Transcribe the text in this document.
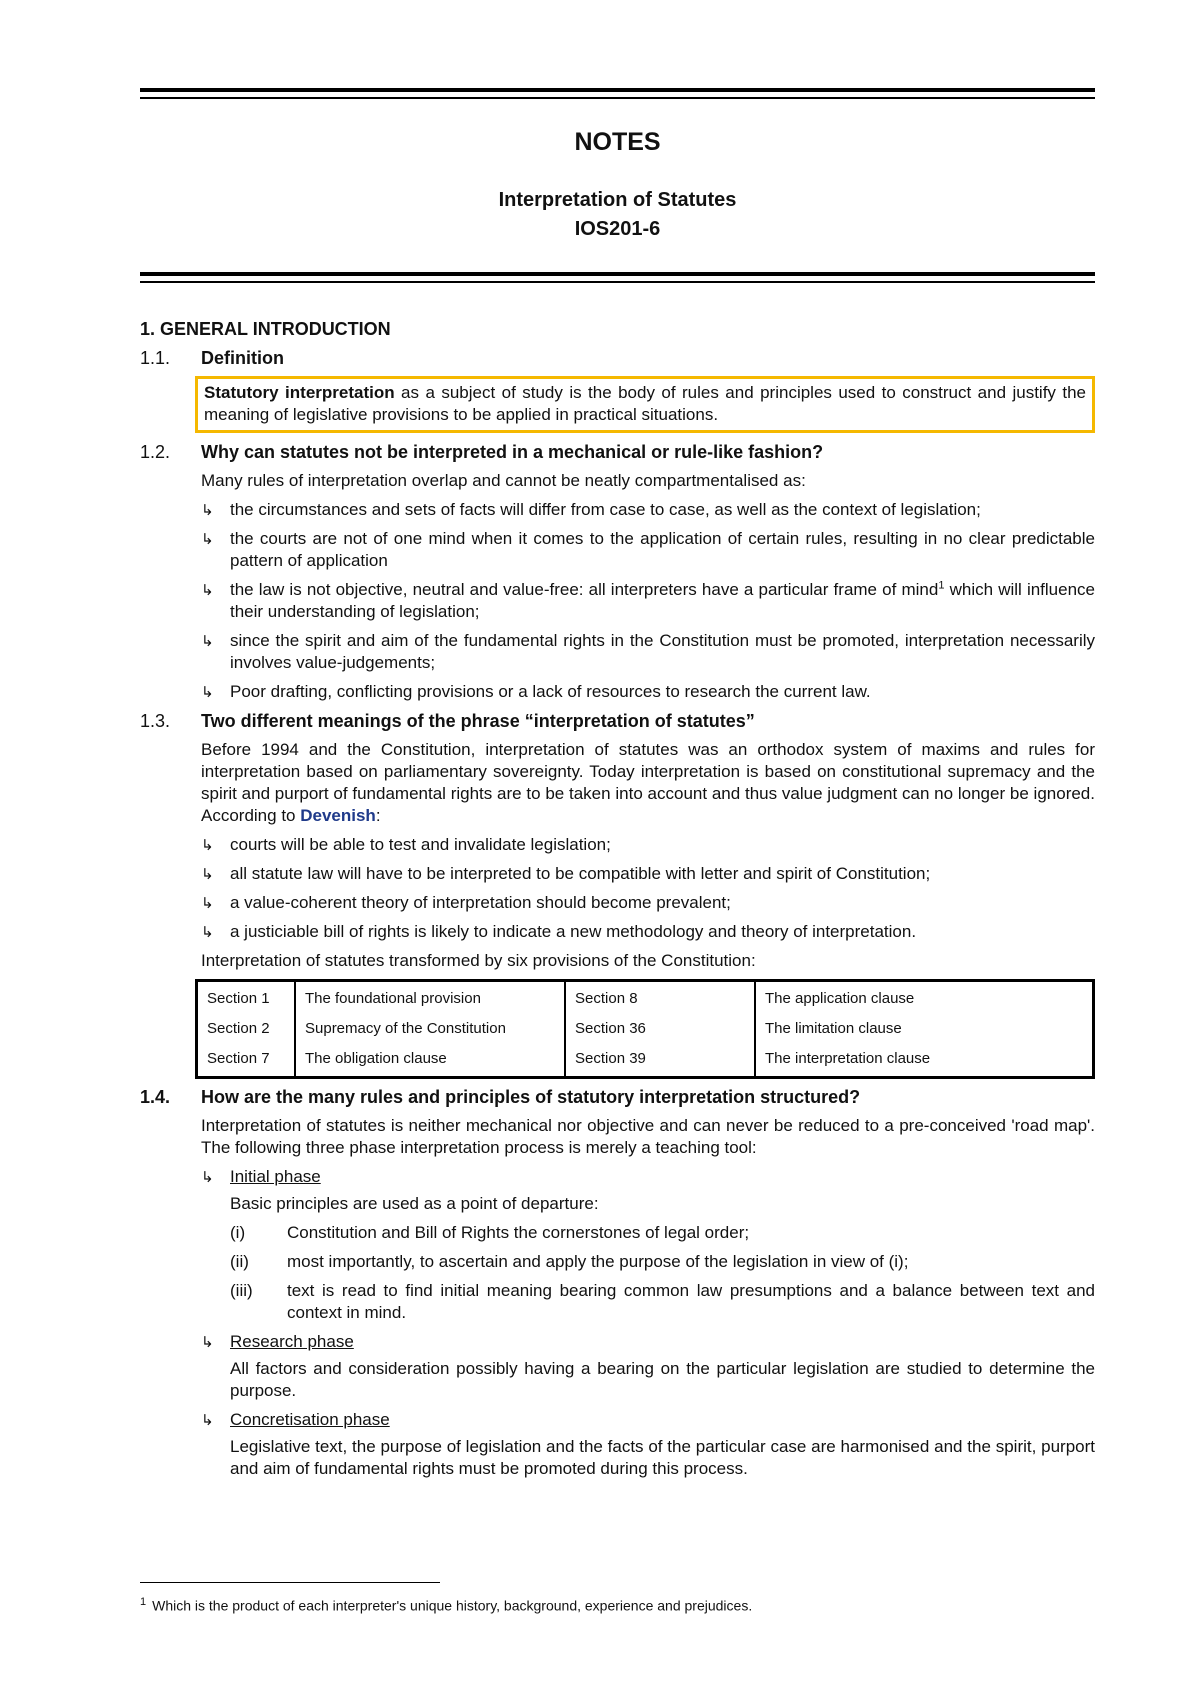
NOTES
Interpretation of Statutes
IOS201-6
1. GENERAL INTRODUCTION
1.1.	Definition
Statutory interpretation as a subject of study is the body of rules and principles used to construct and justify the meaning of legislative provisions to be applied in practical situations.
1.2.	Why can statutes not be interpreted in a mechanical or rule-like fashion?
Many rules of interpretation overlap and cannot be neatly compartmentalised as:
↳ the circumstances and sets of facts will differ from case to case, as well as the context of legislation;
↳ the courts are not of one mind when it comes to the application of certain rules, resulting in no clear predictable pattern of application
↳ the law is not objective, neutral and value-free: all interpreters have a particular frame of mind$^1$ which will influence their understanding of legislation;
↳ since the spirit and aim of the fundamental rights in the Constitution must be promoted, interpretation necessarily involves value-judgements;
↳ Poor drafting, conflicting provisions or a lack of resources to research the current law.
1.3.	Two different meanings of the phrase “interpretation of statutes”
Before 1994 and the Constitution, interpretation of statutes was an orthodox system of maxims and rules for interpretation based on parliamentary sovereignty. Today interpretation is based on constitutional supremacy and the spirit and purport of fundamental rights are to be taken into account and thus value judgment can no longer be ignored. According to Devenish:
↳ courts will be able to test and invalidate legislation;
↳ all statute law will have to be interpreted to be compatible with letter and spirit of Constitution;
↳ a value-coherent theory of interpretation should become prevalent;
↳ a justiciable bill of rights is likely to indicate a new methodology and theory of interpretation.
Interpretation of statutes transformed by six provisions of the Constitution:
Section 1	The foundational provision	Section 8	The application clause
Section 2	Supremacy of the Constitution	Section 36	The limitation clause
Section 7	The obligation clause	Section 39	The interpretation clause
1.4.	How are the many rules and principles of statutory interpretation structured?
Interpretation of statutes is neither mechanical nor objective and can never be reduced to a pre-conceived 'road map'. The following three phase interpretation process is merely a teaching tool:
↳ Initial phase
Basic principles are used as a point of departure:
(i)	Constitution and Bill of Rights the cornerstones of legal order;
(ii)	most importantly, to ascertain and apply the purpose of the legislation in view of (i);
(iii)	text is read to find initial meaning bearing common law presumptions and a balance between text and context in mind.
↳ Research phase
All factors and consideration possibly having a bearing on the particular legislation are studied to determine the purpose.
↳ Concretisation phase
Legislative text, the purpose of legislation and the facts of the particular case are harmonised and the spirit, purport and aim of fundamental rights must be promoted during this process.
$^1$ Which is the product of each interpreter's unique history, background, experience and prejudices.
